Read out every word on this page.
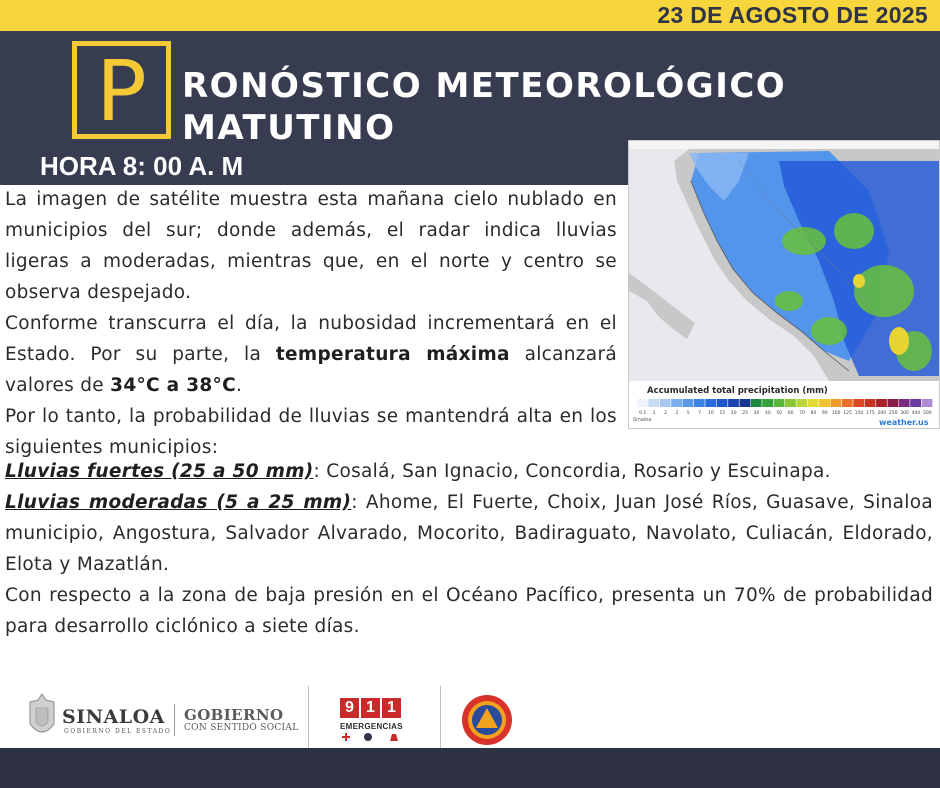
23 DE AGOSTO DE 2025
P	RONÓSTICO METEOROLÓGICO
MATUTINO
HORA 8: 00 A. M
Accumulated total precipitation (mm)
0.1 1 2 3 5 7 10 15 20 25 30 40 50 60 70 80 90 100 125 150 175 200 250 300 400 500
Sinaloa	weather.us

La imagen de satélite muestra esta mañana cielo nublado en municipios del sur; donde además, el radar indica lluvias ligeras a moderadas, mientras que, en el norte y centro se observa despejado.

Conforme transcurra el día, la nubosidad incrementará en el Estado. Por su parte, la temperatura máxima alcanzará valores de 34°C a 38°C.

Por lo tanto, la probabilidad de lluvias se mantendrá alta en los siguientes municipios:

Lluvias fuertes (25 a 50 mm): Cosalá, San Ignacio, Concordia, Rosario y Escuinapa.

Lluvias moderadas (5 a 25 mm): Ahome, El Fuerte, Choix, Juan José Ríos, Guasave, Sinaloa municipio, Angostura, Salvador Alvarado, Mocorito, Badiraguato, Navolato, Culiacán, Eldorado, Elota y Mazatlán.

Con respecto a la zona de baja presión en el Océano Pacífico, presenta un 70% de probabilidad para desarrollo ciclónico a siete días.

SINALOA
GOBIERNO DEL ESTADO
GOBIERNO
CON SENTIDO SOCIAL
9 1 1
EMERGENCIAS
